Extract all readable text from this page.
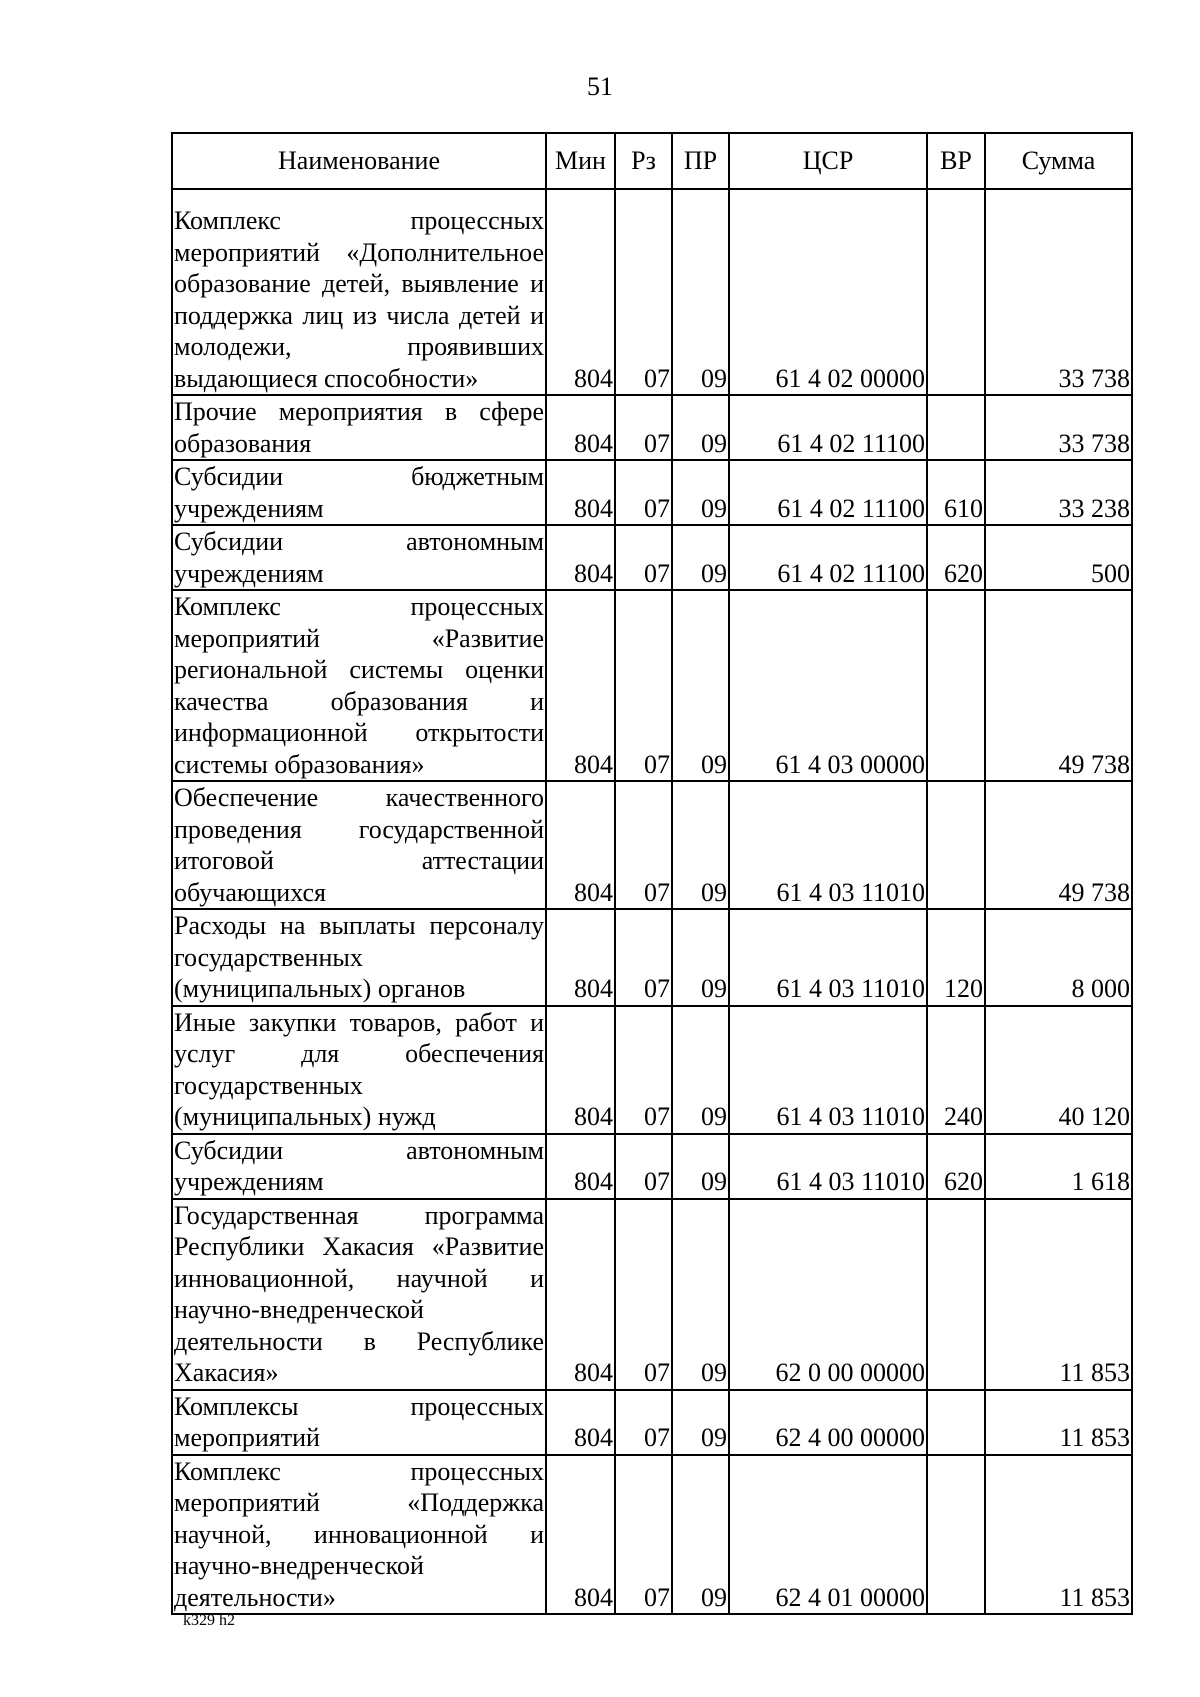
51
Наименование	Мин	Рз	ПР	ЦСР	ВР	Сумма
Комплекс процессных мероприятий «Дополнительное образование детей, выявление и поддержка лиц из числа детей и молодежи, проявивших выдающиеся способности»	804	07	09	61 4 02 00000		33 738
Прочие мероприятия в сфере образования	804	07	09	61 4 02 11100		33 738
Субсидии бюджетным учреждениям	804	07	09	61 4 02 11100	610	33 238
Субсидии автономным учреждениям	804	07	09	61 4 02 11100	620	500
Комплекс процессных мероприятий «Развитие региональной системы оценки качества образования и информационной открытости системы образования»	804	07	09	61 4 03 00000		49 738
Обеспечение качественного проведения государственной итоговой аттестации обучающихся	804	07	09	61 4 03 11010		49 738
Расходы на выплаты персоналу государственных (муниципальных) органов	804	07	09	61 4 03 11010	120	8 000
Иные закупки товаров, работ и услуг для обеспечения государственных (муниципальных) нужд	804	07	09	61 4 03 11010	240	40 120
Субсидии автономным учреждениям	804	07	09	61 4 03 11010	620	1 618
Государственная программа Республики Хакасия «Развитие инновационной, научной и научно-внедренческой деятельности в Республике Хакасия»	804	07	09	62 0 00 00000		11 853
Комплексы процессных мероприятий	804	07	09	62 4 00 00000		11 853
Комплекс процессных мероприятий «Поддержка научной, инновационной и научно-внедренческой деятельности»	804	07	09	62 4 01 00000		11 853
k329 h2
